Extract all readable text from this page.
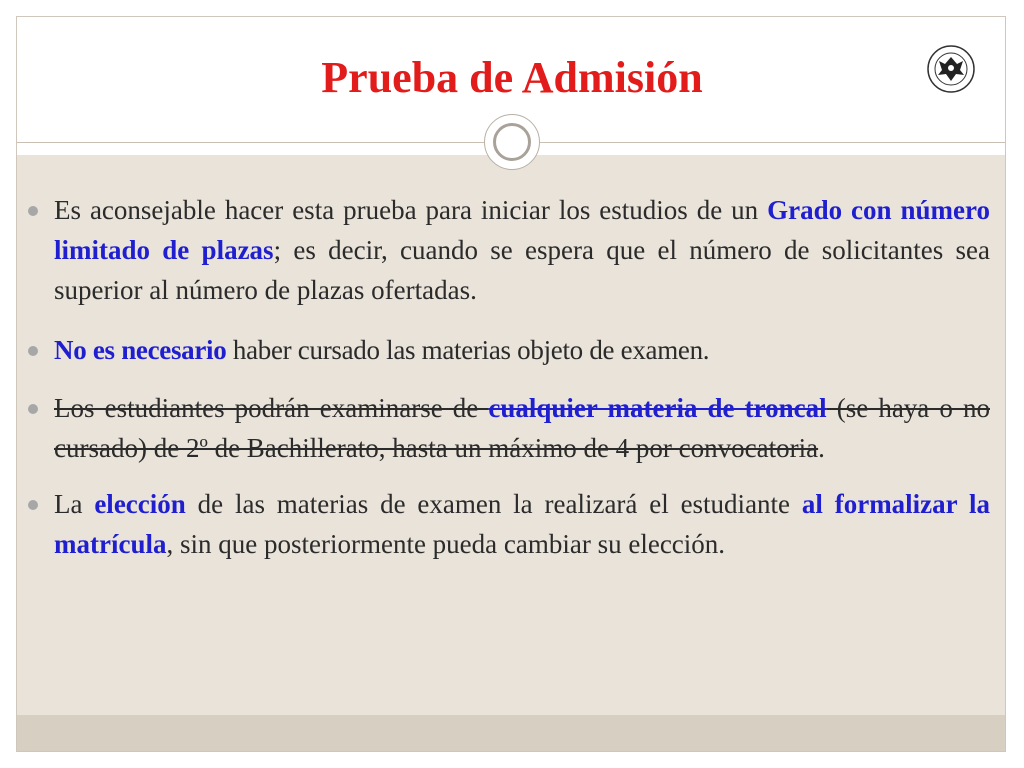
Prueba de Admisión
Es aconsejable hacer esta prueba para iniciar los estudios de un Grado con número limitado de plazas; es decir, cuando se espera que el número de solicitantes sea superior al número de plazas ofertadas.
No es necesario haber cursado las materias objeto de examen.
Los estudiantes podrán examinarse de cualquier materia de troncal (se haya o no cursado) de 2º de Bachillerato, hasta un máximo de 4 por convocatoria.
La elección de las materias de examen la realizará el estudiante al formalizar la matrícula, sin que posteriormente pueda cambiar su elección.
